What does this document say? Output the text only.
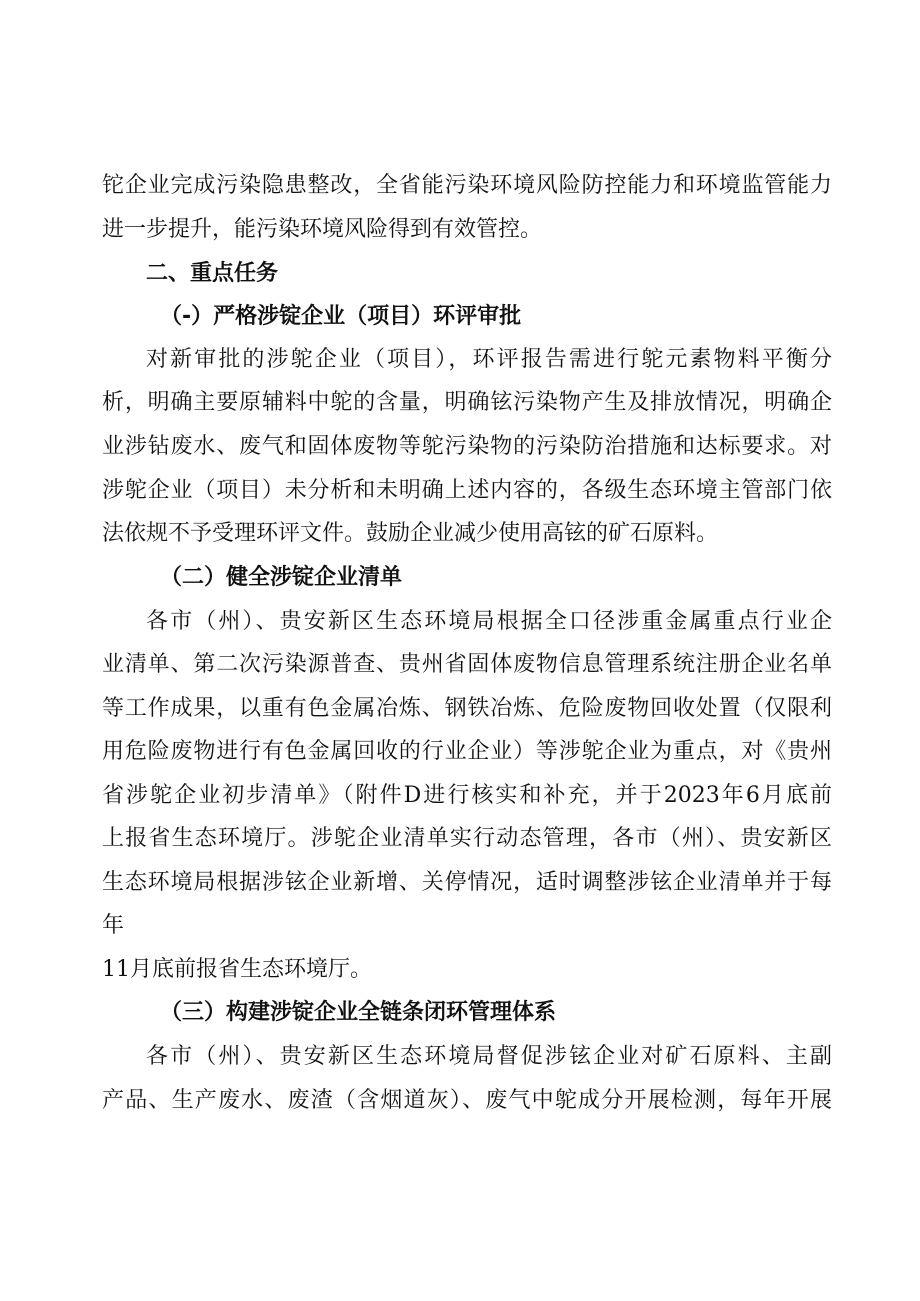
铊企业完成污染隐患整改，全省能污染环境风险防控能力和环境监管能力
进一步提升，能污染环境风险得到有效管控。
二、重点任务
（-）严格涉锭企业（项目）环评审批
对新审批的涉鸵企业（项目），环评报告需进行鸵元素物料平衡分
析，明确主要原辅料中鸵的含量，明确铉污染物产生及排放情况，明确企
业涉钻废水、废气和固体废物等鸵污染物的污染防治措施和达标要求。对
涉鸵企业（项目）未分析和未明确上述内容的，各级生态环境主管部门依
法依规不予受理环评文件。鼓励企业减少使用高铉的矿石原料。
（二）健全涉锭企业清单
各市（州）、贵安新区生态环境局根据全口径涉重金属重点行业企
业清单、第二次污染源普查、贵州省固体废物信息管理系统注册企业名单
等工作成果，以重有色金属冶炼、钢铁冶炼、危险废物回收处置（仅限利
用危险废物进行有色金属回收的行业企业）等涉鸵企业为重点，对《贵州
省涉鸵企业初步清单》（附件D进行核实和补充，并于2023年6月底前
上报省生态环境厅。涉鸵企业清单实行动态管理，各市（州）、贵安新区
生态环境局根据涉铉企业新增、关停情况，适时调整涉铉企业清单并于每
年
11月底前报省生态环境厅。
（三）构建涉锭企业全链条闭环管理体系
各市（州）、贵安新区生态环境局督促涉铉企业对矿石原料、主副
产品、生产废水、废渣（含烟道灰）、废气中鸵成分开展检测，每年开展
